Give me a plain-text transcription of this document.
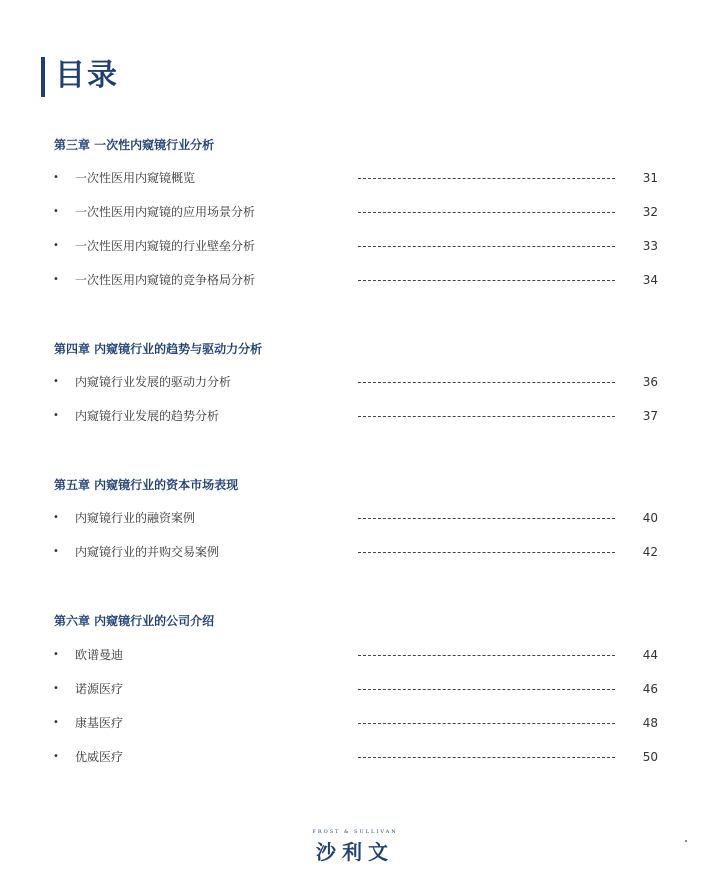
目录
第三章 一次性内窥镜行业分析
• 一次性医用内窥镜概览	31
• 一次性医用内窥镜的应用场景分析	32
• 一次性医用内窥镜的行业壁垒分析	33
• 一次性医用内窥镜的竞争格局分析	34
第四章 内窥镜行业的趋势与驱动力分析
• 内窥镜行业发展的驱动力分析	36
• 内窥镜行业发展的趋势分析	37
第五章 内窥镜行业的资本市场表现
• 内窥镜行业的融资案例	40
• 内窥镜行业的并购交易案例	42
第六章 内窥镜行业的公司介绍
• 欧谱曼迪	44
• 诺源医疗	46
• 康基医疗	48
• 优威医疗	50
FROST & SULLIVAN
沙利文
